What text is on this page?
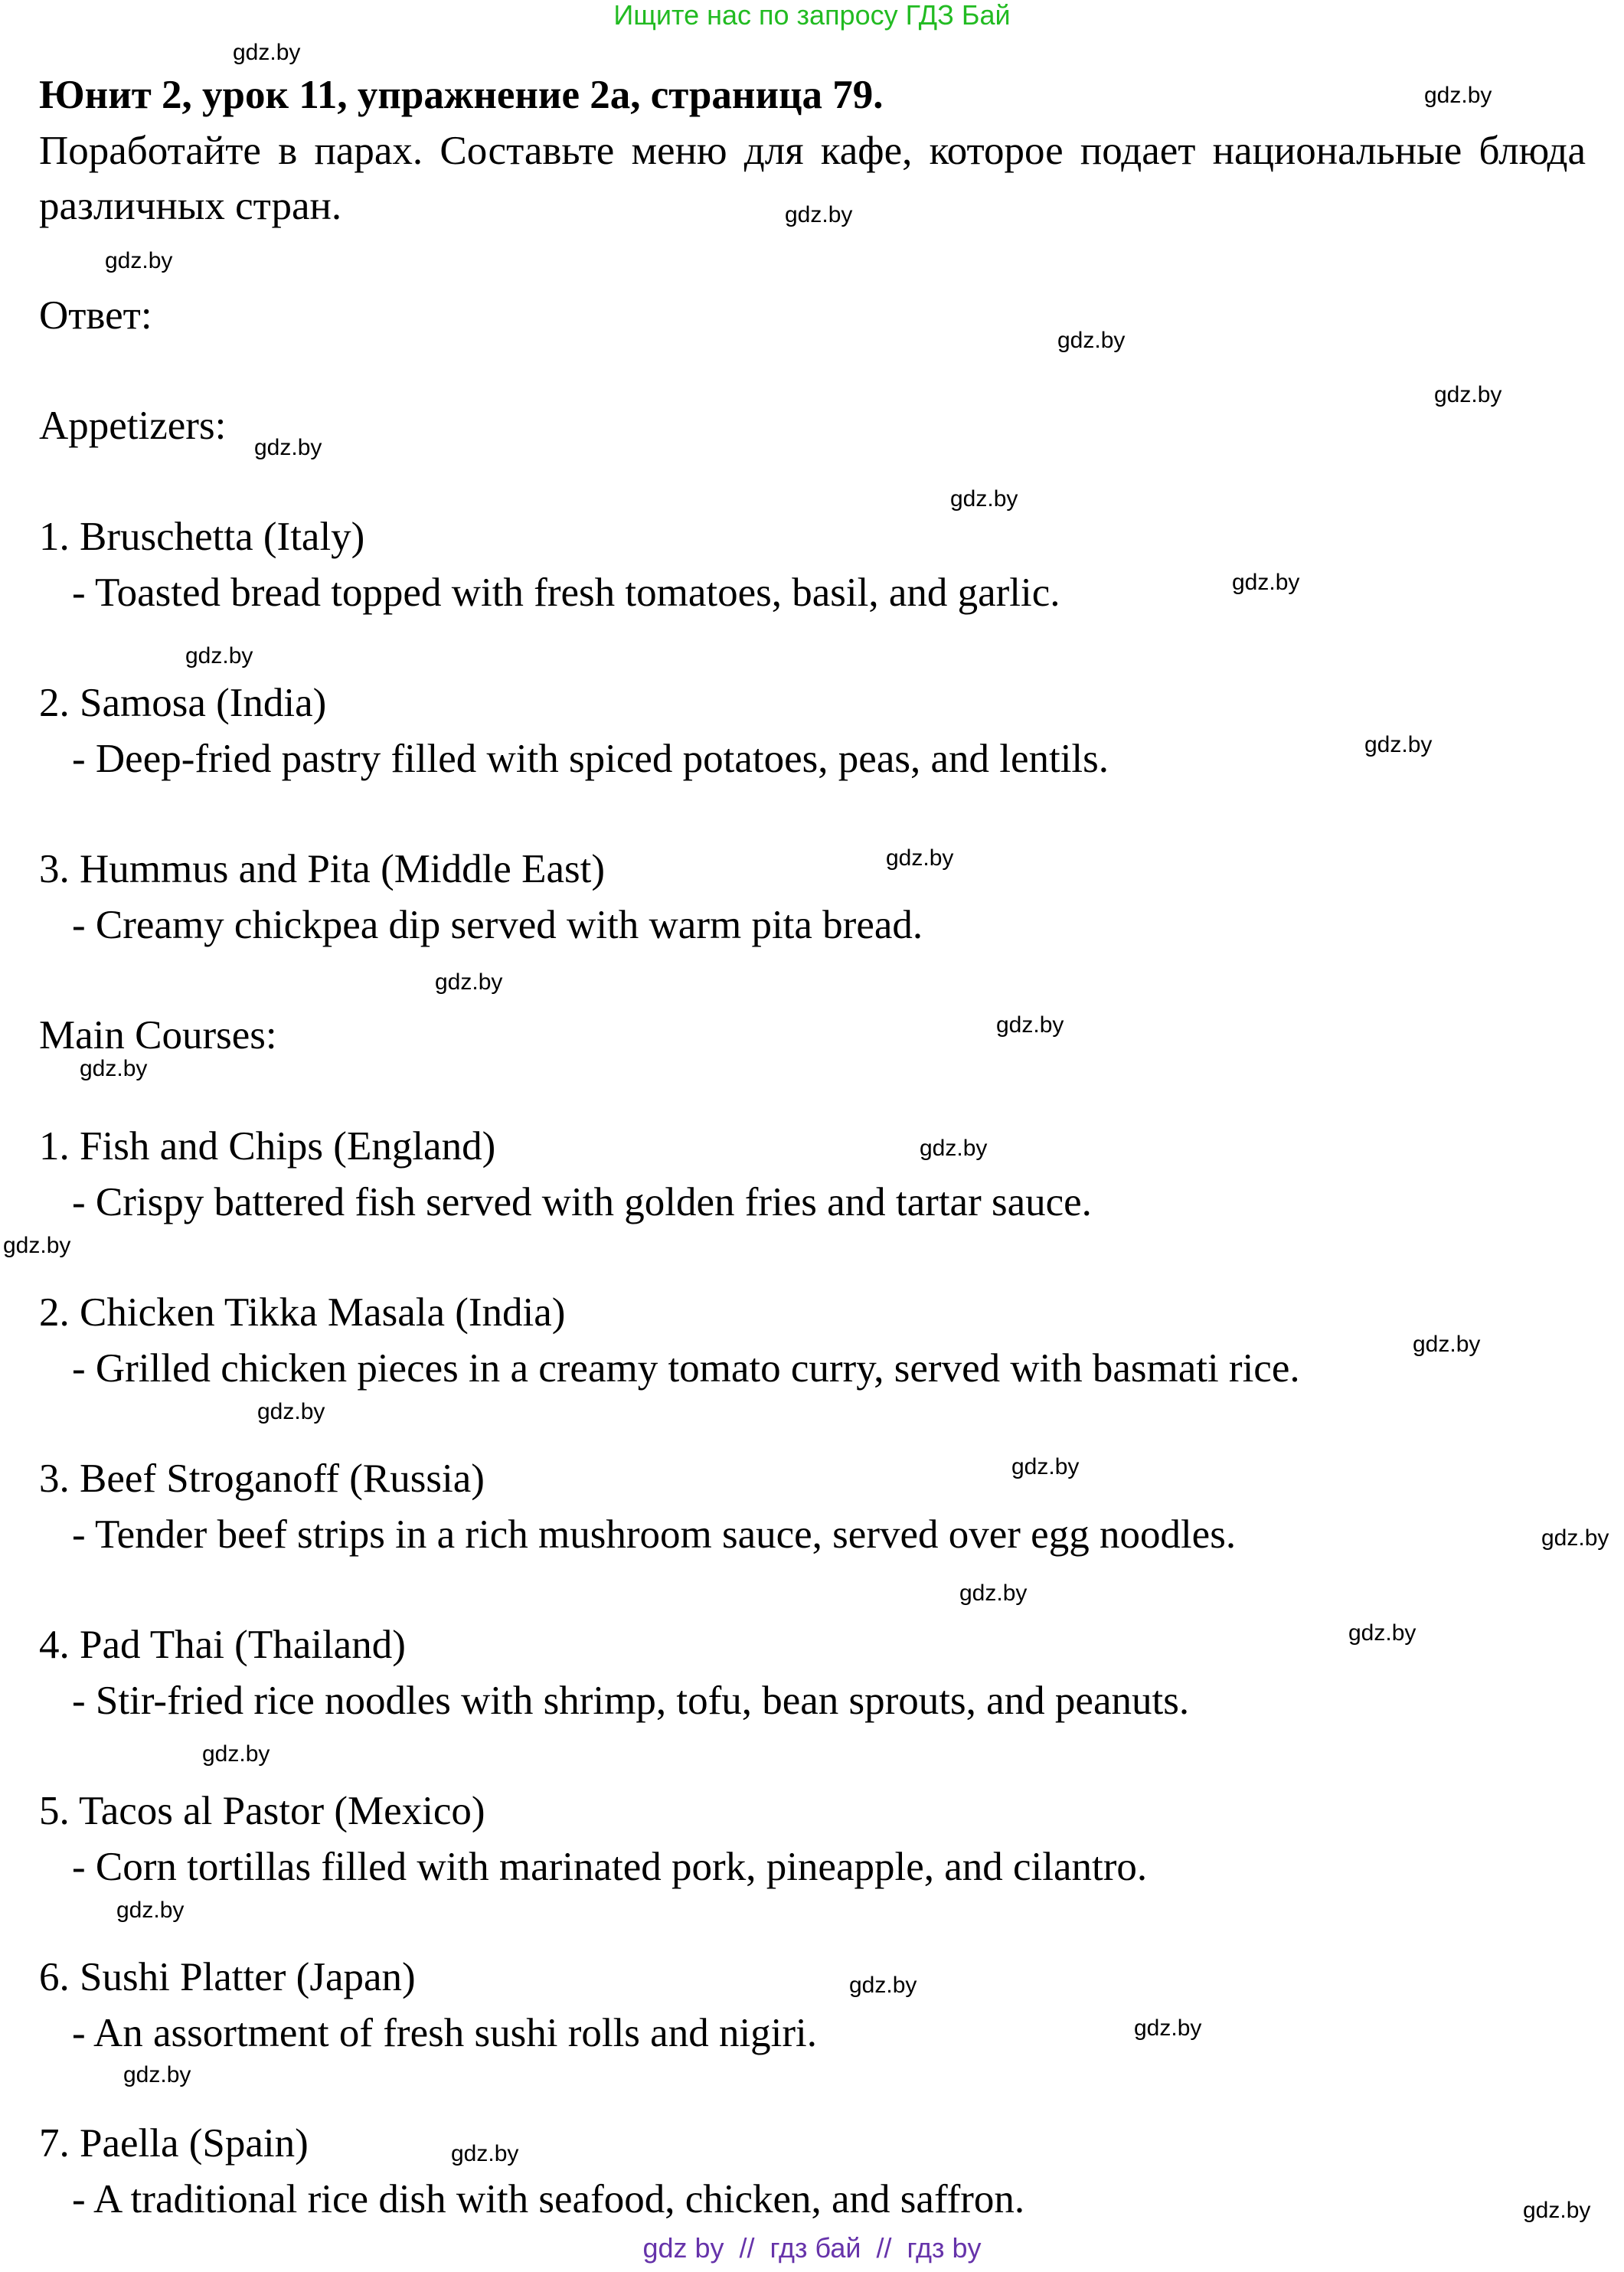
Ищите нас по запросу ГДЗ Бай
Юнит 2, урок 11, упражнение 2a, страница 79.
Поработайте в парах. Составьте меню для кафе, которое подает национальные блюда различных стран.
Ответ:
Appetizers:
1. Bruschetta (Italy)
- Toasted bread topped with fresh tomatoes, basil, and garlic.
2. Samosa (India)
- Deep-fried pastry filled with spiced potatoes, peas, and lentils.
3. Hummus and Pita (Middle East)
- Creamy chickpea dip served with warm pita bread.
Main Courses:
1. Fish and Chips (England)
- Crispy battered fish served with golden fries and tartar sauce.
2. Chicken Tikka Masala (India)
- Grilled chicken pieces in a creamy tomato curry, served with basmati rice.
3. Beef Stroganoff (Russia)
- Tender beef strips in a rich mushroom sauce, served over egg noodles.
4. Pad Thai (Thailand)
- Stir-fried rice noodles with shrimp, tofu, bean sprouts, and peanuts.
5. Tacos al Pastor (Mexico)
- Corn tortillas filled with marinated pork, pineapple, and cilantro.
6. Sushi Platter (Japan)
- An assortment of fresh sushi rolls and nigiri.
7. Paella (Spain)
- A traditional rice dish with seafood, chicken, and saffron.
gdz.by
gdz.by
gdz.by
gdz.by
gdz.by
gdz.by
gdz.by
gdz.by
gdz.by
gdz.by
gdz.by
gdz.by
gdz.by
gdz.by
gdz.by
gdz.by
gdz.by
gdz.by
gdz.by
gdz.by
gdz.by
gdz.by
gdz.by
gdz.by
gdz.by
gdz.by
gdz.by
gdz.by
gdz.by
gdz.by
gdz by  //  гдз бай  //  гдз by
